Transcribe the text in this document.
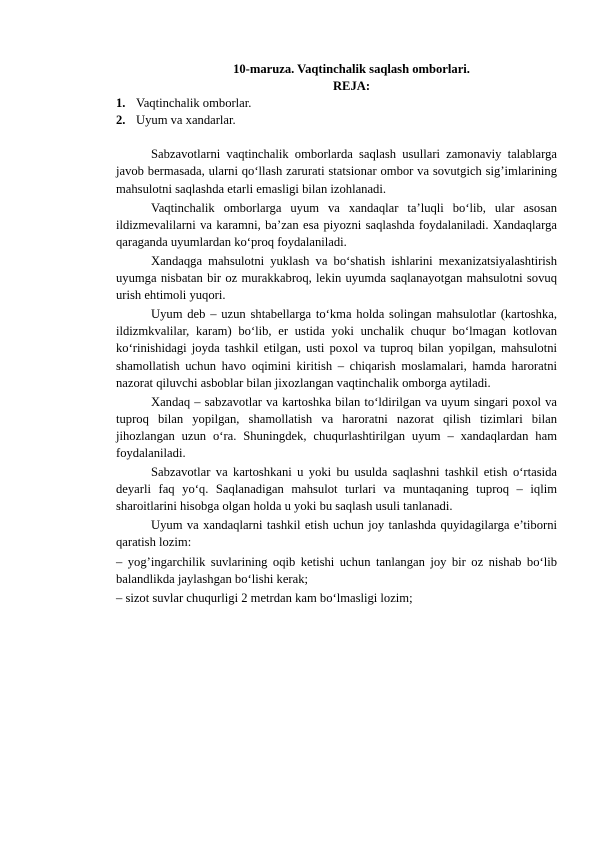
10-maruza. Vaqtinchalik saqlash omborlari.

REJA:

1. Vaqtinchalik omborlar.
2. Uyum va xandarlar.

Sabzavotlarni vaqtinchalik omborlarda saqlash usullari zamonaviy talablarga javob bermasada, ularni qo‘llash zarurati statsionar ombor va sovutgich sig’imlarining mahsulotni saqlashda etarli emasligi bilan izohlanadi.

Vaqtinchalik omborlarga uyum va xandaqlar ta’luqli bo‘lib, ular asosan ildizmevalilarni va karamni, ba’zan esa piyozni saqlashda foydalaniladi. Xandaqlarga qaraganda uyumlardan ko‘proq foydalaniladi.

Xandaqga mahsulotni yuklash va bo‘shatish ishlarini mexanizatsiyalashtirish uyumga nisbatan bir oz murakkabroq, lekin uyumda saqlanayotgan mahsulotni sovuq urish ehtimoli yuqori.

Uyum deb – uzun shtabellarga to‘kma holda solingan mahsulotlar (kartoshka, ildizmkvalilar, karam) bo‘lib, er ustida yoki unchalik chuqur bo‘lmagan kotlovan ko‘rinishidagi joyda tashkil etilgan, usti poxol va tuproq bilan yopilgan, mahsulotni shamollatish uchun havo oqimini kiritish – chiqarish moslamalari, hamda haroratni nazorat qiluvchi asboblar bilan jixozlangan vaqtinchalik omborga aytiladi.

Xandaq – sabzavotlar va kartoshka bilan to‘ldirilgan va uyum singari poxol va tuproq bilan yopilgan, shamollatish va haroratni nazorat qilish tizimlari bilan jihozlangan uzun o‘ra. Shuningdek, chuqurlashtirilgan uyum – xandaqlardan ham foydalaniladi.

Sabzavotlar va kartoshkani u yoki bu usulda saqlashni tashkil etish o‘rtasida deyarli faq yo‘q. Saqlanadigan mahsulot turlari va muntaqaning tuproq – iqlim sharoitlarini hisobga olgan holda u yoki bu saqlash usuli tanlanadi.

Uyum va xandaqlarni tashkil etish uchun joy tanlashda quyidagilarga e’tiborni qaratish lozim:

– yog’ingarchilik suvlarining oqib ketishi uchun tanlangan joy bir oz nishab bo‘lib balandlikda jaylashgan bo‘lishi kerak;

– sizot suvlar chuqurligi 2 metrdan kam bo‘lmasligi lozim;
